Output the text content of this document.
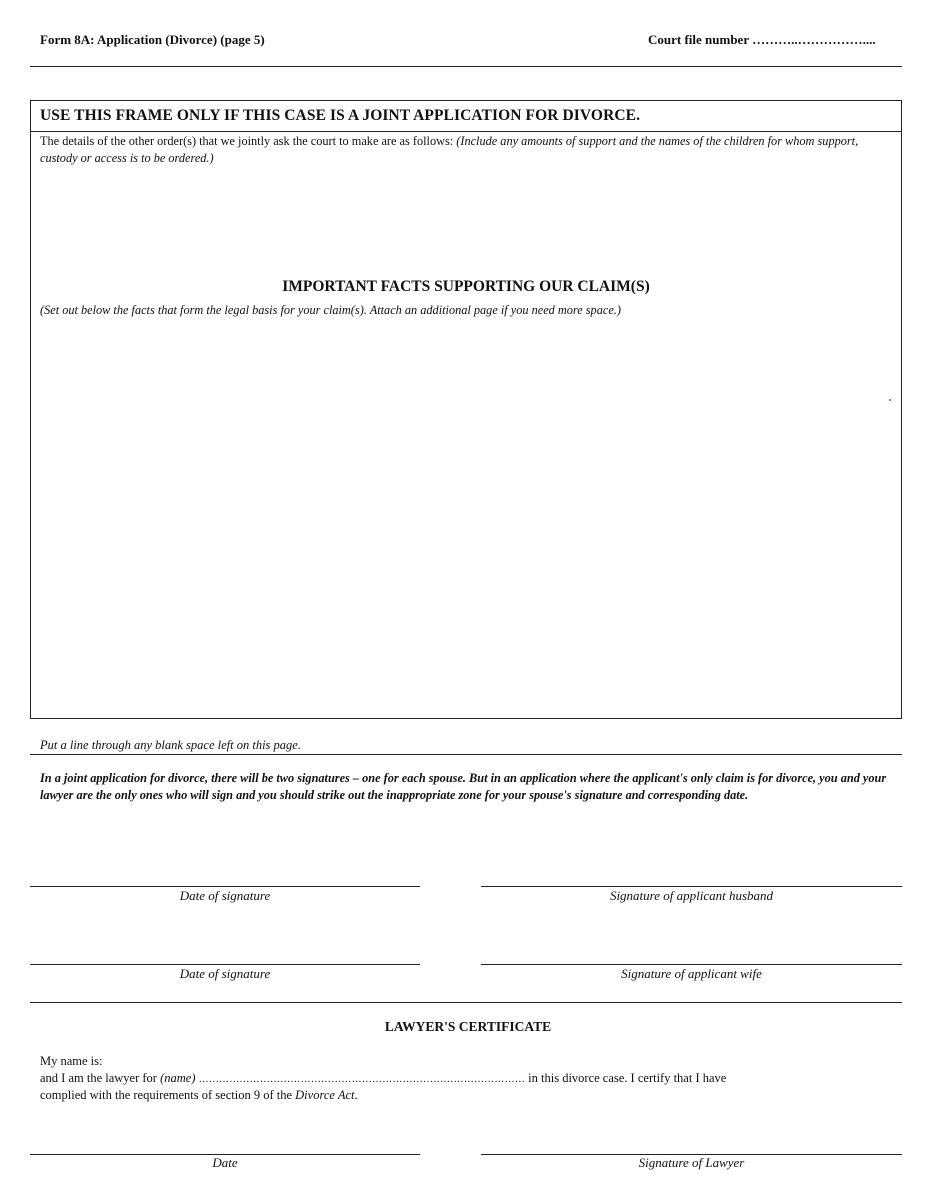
Form 8A: Application (Divorce) (page 5)	Court file number ………..……………....
USE THIS FRAME ONLY IF THIS CASE IS A JOINT APPLICATION FOR DIVORCE.
The details of the other order(s) that we jointly ask the court to make are as follows: (Include any amounts of support and the names of the children for whom support, custody or access is to be ordered.)
IMPORTANT FACTS SUPPORTING OUR CLAIM(S)
(Set out below the facts that form the legal basis for your claim(s). Attach an additional page if you need more space.)
Put a line through any blank space left on this page.
In a joint application for divorce, there will be two signatures – one for each spouse. But in an application where the applicant's only claim is for divorce, you and your lawyer are the only ones who will sign and you should strike out the inappropriate zone for your spouse's signature and corresponding date.
Date of signature	Signature of applicant husband
Date of signature	Signature of applicant wife
LAWYER'S CERTIFICATE
My name is:
and I am the lawyer for (name) …………………………………………………………………………………… in this divorce case. I certify that I have
complied with the requirements of section 9 of the Divorce Act.
Date	Signature of Lawyer
